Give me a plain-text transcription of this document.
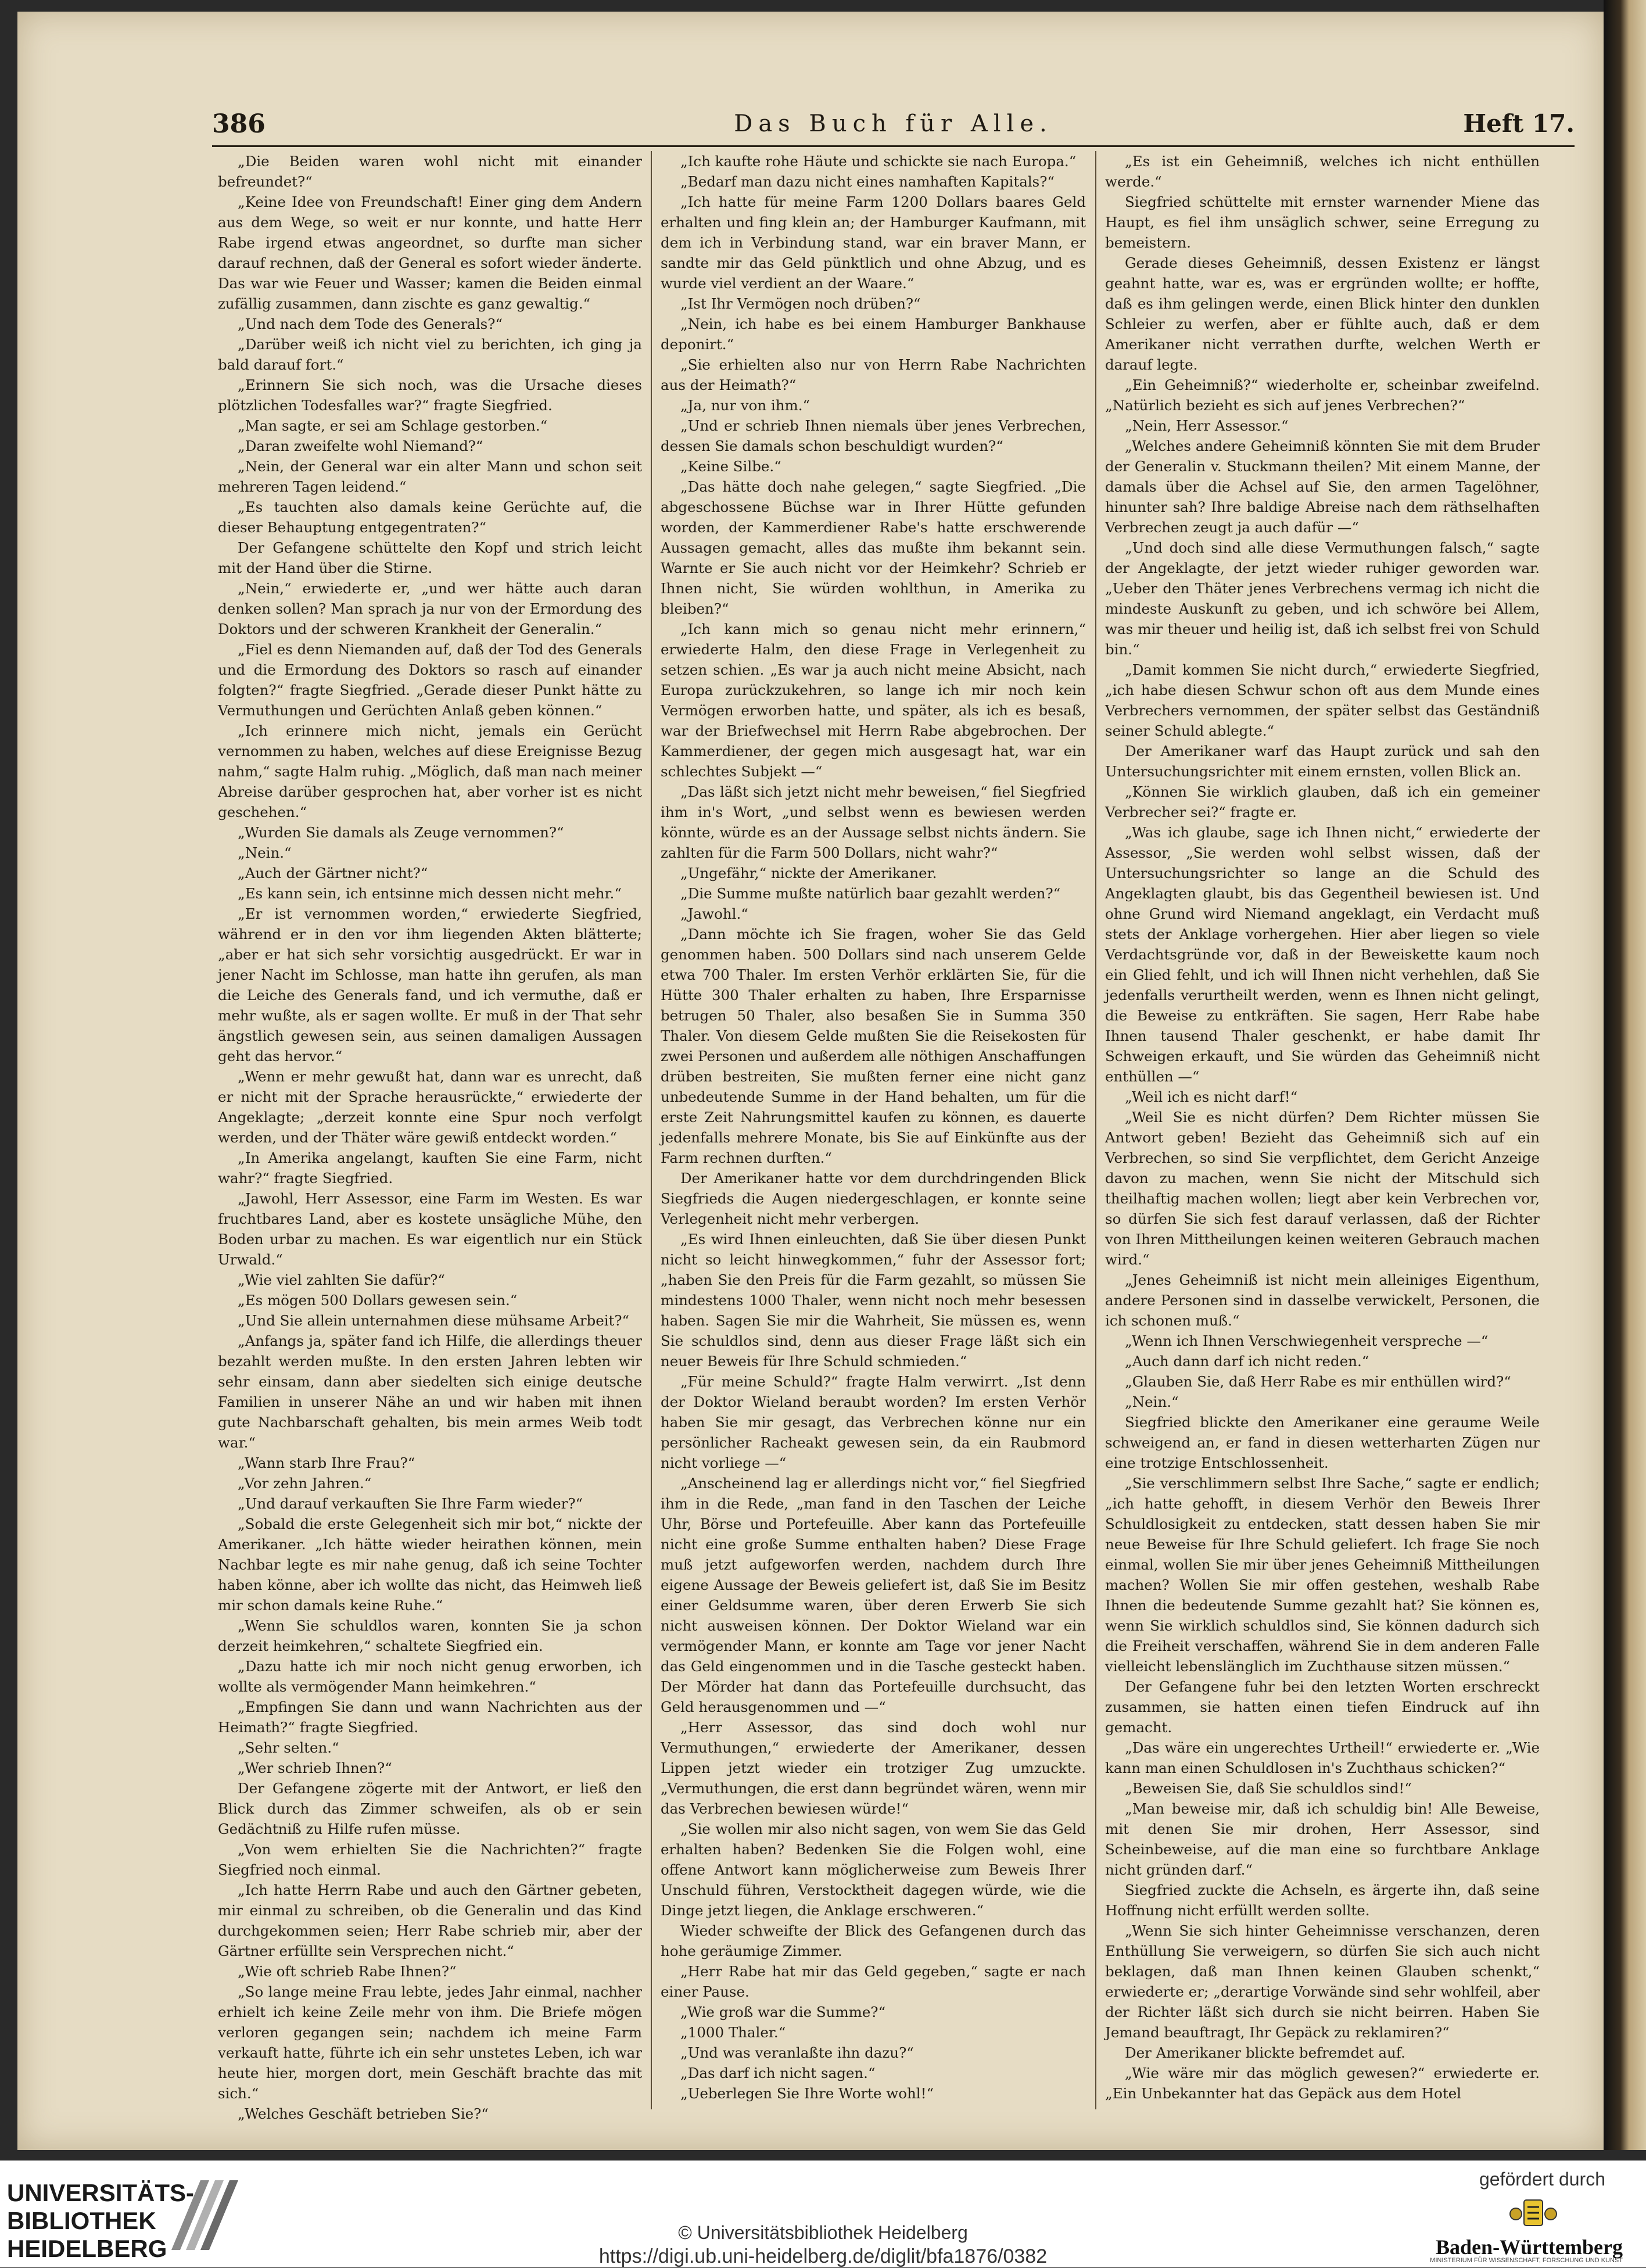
386	Das Buch für Alle.	Heft 17.

„Die Beiden waren wohl nicht mit einander befreundet?“

„Keine Idee von Freundschaft! Einer ging dem Andern aus dem Wege, so weit er nur konnte, und hatte Herr Rabe irgend etwas angeordnet, so durfte man sicher darauf rechnen, daß der General es sofort wieder änderte. Das war wie Feuer und Wasser; kamen die Beiden einmal zufällig zusammen, dann zischte es ganz gewaltig.“

„Und nach dem Tode des Generals?“

„Darüber weiß ich nicht viel zu berichten, ich ging ja bald darauf fort.“

„Erinnern Sie sich noch, was die Ursache dieses plötzlichen Todesfalles war?“ fragte Siegfried.

„Man sagte, er sei am Schlage gestorben.“

„Daran zweifelte wohl Niemand?“

„Nein, der General war ein alter Mann und schon seit mehreren Tagen leidend.“

„Es tauchten also damals keine Gerüchte auf, die dieser Behauptung entgegentraten?“

Der Gefangene schüttelte den Kopf und strich leicht mit der Hand über die Stirne.

„Nein,“ erwiederte er, „und wer hätte auch daran denken sollen? Man sprach ja nur von der Ermordung des Doktors und der schweren Krankheit der Generalin.“

„Fiel es denn Niemanden auf, daß der Tod des Generals und die Ermordung des Doktors so rasch auf einander folgten?“ fragte Siegfried. „Gerade dieser Punkt hätte zu Vermuthungen und Gerüchten Anlaß geben können.“

„Ich erinnere mich nicht, jemals ein Gerücht vernommen zu haben, welches auf diese Ereignisse Bezug nahm,“ sagte Halm ruhig. „Möglich, daß man nach meiner Abreise darüber gesprochen hat, aber vorher ist es nicht geschehen.“

„Wurden Sie damals als Zeuge vernommen?“

„Nein.“

„Auch der Gärtner nicht?“

„Es kann sein, ich entsinne mich dessen nicht mehr.“

„Er ist vernommen worden,“ erwiederte Siegfried, während er in den vor ihm liegenden Akten blätterte; „aber er hat sich sehr vorsichtig ausgedrückt. Er war in jener Nacht im Schlosse, man hatte ihn gerufen, als man die Leiche des Generals fand, und ich vermuthe, daß er mehr wußte, als er sagen wollte. Er muß in der That sehr ängstlich gewesen sein, aus seinen damaligen Aussagen geht das hervor.“

„Wenn er mehr gewußt hat, dann war es unrecht, daß er nicht mit der Sprache herausrückte,“ erwiederte der Angeklagte; „derzeit konnte eine Spur noch verfolgt werden, und der Thäter wäre gewiß entdeckt worden.“

„In Amerika angelangt, kauften Sie eine Farm, nicht wahr?“ fragte Siegfried.

„Jawohl, Herr Assessor, eine Farm im Westen. Es war fruchtbares Land, aber es kostete unsägliche Mühe, den Boden urbar zu machen. Es war eigentlich nur ein Stück Urwald.“

„Wie viel zahlten Sie dafür?“

„Es mögen 500 Dollars gewesen sein.“

„Und Sie allein unternahmen diese mühsame Arbeit?“

„Anfangs ja, später fand ich Hilfe, die allerdings theuer bezahlt werden mußte. In den ersten Jahren lebten wir sehr einsam, dann aber siedelten sich einige deutsche Familien in unserer Nähe an und wir haben mit ihnen gute Nachbarschaft gehalten, bis mein armes Weib todt war.“

„Wann starb Ihre Frau?“

„Vor zehn Jahren.“

„Und darauf verkauften Sie Ihre Farm wieder?“

„Sobald die erste Gelegenheit sich mir bot,“ nickte der Amerikaner. „Ich hätte wieder heirathen können, mein Nachbar legte es mir nahe genug, daß ich seine Tochter haben könne, aber ich wollte das nicht, das Heimweh ließ mir schon damals keine Ruhe.“

„Wenn Sie schuldlos waren, konnten Sie ja schon derzeit heimkehren,“ schaltete Siegfried ein.

„Dazu hatte ich mir noch nicht genug erworben, ich wollte als vermögender Mann heimkehren.“

„Empfingen Sie dann und wann Nachrichten aus der Heimath?“ fragte Siegfried.

„Sehr selten.“

„Wer schrieb Ihnen?“

Der Gefangene zögerte mit der Antwort, er ließ den Blick durch das Zimmer schweifen, als ob er sein Gedächtniß zu Hilfe rufen müsse.

„Von wem erhielten Sie die Nachrichten?“ fragte Siegfried noch einmal.

„Ich hatte Herrn Rabe und auch den Gärtner gebeten, mir einmal zu schreiben, ob die Generalin und das Kind durchgekommen seien; Herr Rabe schrieb mir, aber der Gärtner erfüllte sein Versprechen nicht.“

„Wie oft schrieb Rabe Ihnen?“

„So lange meine Frau lebte, jedes Jahr einmal, nachher erhielt ich keine Zeile mehr von ihm. Die Briefe mögen verloren gegangen sein; nachdem ich meine Farm verkauft hatte, führte ich ein sehr unstetes Leben, ich war heute hier, morgen dort, mein Geschäft brachte das mit sich.“

„Welches Geschäft betrieben Sie?“

„Ich kaufte rohe Häute und schickte sie nach Europa.“

„Bedarf man dazu nicht eines namhaften Kapitals?“

„Ich hatte für meine Farm 1200 Dollars baares Geld erhalten und fing klein an; der Hamburger Kaufmann, mit dem ich in Verbindung stand, war ein braver Mann, er sandte mir das Geld pünktlich und ohne Abzug, und es wurde viel verdient an der Waare.“

„Ist Ihr Vermögen noch drüben?“

„Nein, ich habe es bei einem Hamburger Bankhause deponirt.“

„Sie erhielten also nur von Herrn Rabe Nachrichten aus der Heimath?“

„Ja, nur von ihm.“

„Und er schrieb Ihnen niemals über jenes Verbrechen, dessen Sie damals schon beschuldigt wurden?“

„Keine Silbe.“

„Das hätte doch nahe gelegen,“ sagte Siegfried. „Die abgeschossene Büchse war in Ihrer Hütte gefunden worden, der Kammerdiener Rabe's hatte erschwerende Aussagen gemacht, alles das mußte ihm bekannt sein. Warnte er Sie auch nicht vor der Heimkehr? Schrieb er Ihnen nicht, Sie würden wohlthun, in Amerika zu bleiben?“

„Ich kann mich so genau nicht mehr erinnern,“ erwiederte Halm, den diese Frage in Verlegenheit zu setzen schien. „Es war ja auch nicht meine Absicht, nach Europa zurückzukehren, so lange ich mir noch kein Vermögen erworben hatte, und später, als ich es besaß, war der Briefwechsel mit Herrn Rabe abgebrochen. Der Kammerdiener, der gegen mich ausgesagt hat, war ein schlechtes Subjekt —“

„Das läßt sich jetzt nicht mehr beweisen,“ fiel Siegfried ihm in's Wort, „und selbst wenn es bewiesen werden könnte, würde es an der Aussage selbst nichts ändern. Sie zahlten für die Farm 500 Dollars, nicht wahr?“

„Ungefähr,“ nickte der Amerikaner.

„Die Summe mußte natürlich baar gezahlt werden?“

„Jawohl.“

„Dann möchte ich Sie fragen, woher Sie das Geld genommen haben. 500 Dollars sind nach unserem Gelde etwa 700 Thaler. Im ersten Verhör erklärten Sie, für die Hütte 300 Thaler erhalten zu haben, Ihre Ersparnisse betrugen 50 Thaler, also besaßen Sie in Summa 350 Thaler. Von diesem Gelde mußten Sie die Reisekosten für zwei Personen und außerdem alle nöthigen Anschaffungen drüben bestreiten, Sie mußten ferner eine nicht ganz unbedeutende Summe in der Hand behalten, um für die erste Zeit Nahrungsmittel kaufen zu können, es dauerte jedenfalls mehrere Monate, bis Sie auf Einkünfte aus der Farm rechnen durften.“

Der Amerikaner hatte vor dem durchdringenden Blick Siegfrieds die Augen niedergeschlagen, er konnte seine Verlegenheit nicht mehr verbergen.

„Es wird Ihnen einleuchten, daß Sie über diesen Punkt nicht so leicht hinwegkommen,“ fuhr der Assessor fort; „haben Sie den Preis für die Farm gezahlt, so müssen Sie mindestens 1000 Thaler, wenn nicht noch mehr besessen haben. Sagen Sie mir die Wahrheit, Sie müssen es, wenn Sie schuldlos sind, denn aus dieser Frage läßt sich ein neuer Beweis für Ihre Schuld schmieden.“

„Für meine Schuld?“ fragte Halm verwirrt. „Ist denn der Doktor Wieland beraubt worden? Im ersten Verhör haben Sie mir gesagt, das Verbrechen könne nur ein persönlicher Racheakt gewesen sein, da ein Raubmord nicht vorliege —“

„Anscheinend lag er allerdings nicht vor,“ fiel Siegfried ihm in die Rede, „man fand in den Taschen der Leiche Uhr, Börse und Portefeuille. Aber kann das Portefeuille nicht eine große Summe enthalten haben? Diese Frage muß jetzt aufgeworfen werden, nachdem durch Ihre eigene Aussage der Beweis geliefert ist, daß Sie im Besitz einer Geldsumme waren, über deren Erwerb Sie sich nicht ausweisen können. Der Doktor Wieland war ein vermögender Mann, er konnte am Tage vor jener Nacht das Geld eingenommen und in die Tasche gesteckt haben. Der Mörder hat dann das Portefeuille durchsucht, das Geld herausgenommen und —“

„Herr Assessor, das sind doch wohl nur Vermuthungen,“ erwiederte der Amerikaner, dessen Lippen jetzt wieder ein trotziger Zug umzuckte. „Vermuthungen, die erst dann begründet wären, wenn mir das Verbrechen bewiesen würde!“

„Sie wollen mir also nicht sagen, von wem Sie das Geld erhalten haben? Bedenken Sie die Folgen wohl, eine offene Antwort kann möglicherweise zum Beweis Ihrer Unschuld führen, Verstocktheit dagegen würde, wie die Dinge jetzt liegen, die Anklage erschweren.“

Wieder schweifte der Blick des Gefangenen durch das hohe geräumige Zimmer.

„Herr Rabe hat mir das Geld gegeben,“ sagte er nach einer Pause.

„Wie groß war die Summe?“

„1000 Thaler.“

„Und was veranlaßte ihn dazu?“

„Das darf ich nicht sagen.“

„Ueberlegen Sie Ihre Worte wohl!“

„Es ist ein Geheimniß, welches ich nicht enthüllen werde.“

Siegfried schüttelte mit ernster warnender Miene das Haupt, es fiel ihm unsäglich schwer, seine Erregung zu bemeistern.

Gerade dieses Geheimniß, dessen Existenz er längst geahnt hatte, war es, was er ergründen wollte; er hoffte, daß es ihm gelingen werde, einen Blick hinter den dunklen Schleier zu werfen, aber er fühlte auch, daß er dem Amerikaner nicht verrathen durfte, welchen Werth er darauf legte.

„Ein Geheimniß?“ wiederholte er, scheinbar zweifelnd. „Natürlich bezieht es sich auf jenes Verbrechen?“

„Nein, Herr Assessor.“

„Welches andere Geheimniß könnten Sie mit dem Bruder der Generalin v. Stuckmann theilen? Mit einem Manne, der damals über die Achsel auf Sie, den armen Tagelöhner, hinunter sah? Ihre baldige Abreise nach dem räthselhaften Verbrechen zeugt ja auch dafür —“

„Und doch sind alle diese Vermuthungen falsch,“ sagte der Angeklagte, der jetzt wieder ruhiger geworden war. „Ueber den Thäter jenes Verbrechens vermag ich nicht die mindeste Auskunft zu geben, und ich schwöre bei Allem, was mir theuer und heilig ist, daß ich selbst frei von Schuld bin.“

„Damit kommen Sie nicht durch,“ erwiederte Siegfried, „ich habe diesen Schwur schon oft aus dem Munde eines Verbrechers vernommen, der später selbst das Geständniß seiner Schuld ablegte.“

Der Amerikaner warf das Haupt zurück und sah den Untersuchungsrichter mit einem ernsten, vollen Blick an.

„Können Sie wirklich glauben, daß ich ein gemeiner Verbrecher sei?“ fragte er.

„Was ich glaube, sage ich Ihnen nicht,“ erwiederte der Assessor, „Sie werden wohl selbst wissen, daß der Untersuchungsrichter so lange an die Schuld des Angeklagten glaubt, bis das Gegentheil bewiesen ist. Und ohne Grund wird Niemand angeklagt, ein Verdacht muß stets der Anklage vorhergehen. Hier aber liegen so viele Verdachtsgründe vor, daß in der Beweiskette kaum noch ein Glied fehlt, und ich will Ihnen nicht verhehlen, daß Sie jedenfalls verurtheilt werden, wenn es Ihnen nicht gelingt, die Beweise zu entkräften. Sie sagen, Herr Rabe habe Ihnen tausend Thaler geschenkt, er habe damit Ihr Schweigen erkauft, und Sie würden das Geheimniß nicht enthüllen —“

„Weil ich es nicht darf!“

„Weil Sie es nicht dürfen? Dem Richter müssen Sie Antwort geben! Bezieht das Geheimniß sich auf ein Verbrechen, so sind Sie verpflichtet, dem Gericht Anzeige davon zu machen, wenn Sie nicht der Mitschuld sich theilhaftig machen wollen; liegt aber kein Verbrechen vor, so dürfen Sie sich fest darauf verlassen, daß der Richter von Ihren Mittheilungen keinen weiteren Gebrauch machen wird.“

„Jenes Geheimniß ist nicht mein alleiniges Eigenthum, andere Personen sind in dasselbe verwickelt, Personen, die ich schonen muß.“

„Wenn ich Ihnen Verschwiegenheit verspreche —“

„Auch dann darf ich nicht reden.“

„Glauben Sie, daß Herr Rabe es mir enthüllen wird?“

„Nein.“

Siegfried blickte den Amerikaner eine geraume Weile schweigend an, er fand in diesen wetterharten Zügen nur eine trotzige Entschlossenheit.

„Sie verschlimmern selbst Ihre Sache,“ sagte er endlich; „ich hatte gehofft, in diesem Verhör den Beweis Ihrer Schuldlosigkeit zu entdecken, statt dessen haben Sie mir neue Beweise für Ihre Schuld geliefert. Ich frage Sie noch einmal, wollen Sie mir über jenes Geheimniß Mittheilungen machen? Wollen Sie mir offen gestehen, weshalb Rabe Ihnen die bedeutende Summe gezahlt hat? Sie können es, wenn Sie wirklich schuldlos sind, Sie können dadurch sich die Freiheit verschaffen, während Sie in dem anderen Falle vielleicht lebenslänglich im Zuchthause sitzen müssen.“

Der Gefangene fuhr bei den letzten Worten erschreckt zusammen, sie hatten einen tiefen Eindruck auf ihn gemacht.

„Das wäre ein ungerechtes Urtheil!“ erwiederte er. „Wie kann man einen Schuldlosen in's Zuchthaus schicken?“

„Beweisen Sie, daß Sie schuldlos sind!“

„Man beweise mir, daß ich schuldig bin! Alle Beweise, mit denen Sie mir drohen, Herr Assessor, sind Scheinbeweise, auf die man eine so furchtbare Anklage nicht gründen darf.“

Siegfried zuckte die Achseln, es ärgerte ihn, daß seine Hoffnung nicht erfüllt werden sollte.

„Wenn Sie sich hinter Geheimnisse verschanzen, deren Enthüllung Sie verweigern, so dürfen Sie sich auch nicht beklagen, daß man Ihnen keinen Glauben schenkt,“ erwiederte er; „derartige Vorwände sind sehr wohlfeil, aber der Richter läßt sich durch sie nicht beirren. Haben Sie Jemand beauftragt, Ihr Gepäck zu reklamiren?“

Der Amerikaner blickte befremdet auf.

„Wie wäre mir das möglich gewesen?“ erwiederte er. „Ein Unbekannter hat das Gepäck aus dem Hotel

UNIVERSITÄTS-
BIBLIOTHEK
HEIDELBERG
© Universitätsbibliothek Heidelberg
https://digi.ub.uni-heidelberg.de/diglit/bfa1876/0382
gefördert durch
Baden-Württemberg
MINISTERIUM FÜR WISSENSCHAFT, FORSCHUNG UND KUNST
